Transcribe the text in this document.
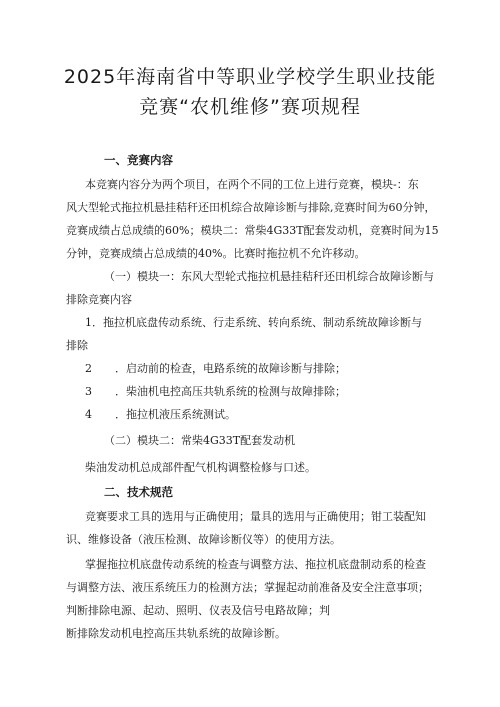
2025年海南省中等职业学校学生职业技能
竞赛“农机维修”赛项规程
一、竞赛内容
本竞赛内容分为两个项目，在两个不同的工位上进行竞赛，模块-：东
风大型轮式拖拉机悬挂秸秆还田机综合故障诊断与排除,竞赛时间为60分钟，
竞赛成绩占总成绩的60%；模块二：常柴4G33T配套发动机，竞赛时间为15
分钟，竞赛成绩占总成绩的40%。比赛时拖拉机不允许移动。
（一）模块一：东风大型轮式拖拉机悬挂秸秆还田机综合故障诊断与
排除竞赛内容
1．拖拉机底盘传动系统、行走系统、转向系统、制动系统故障诊断与
排除
2 ．启动前的检查，电路系统的故障诊断与排除；
3 ．柴油机电控高压共轨系统的检测与故障排除；
4 ．拖拉机液压系统测试。
（二）模块二：常柴4G33T配套发动机
柴油发动机总成部件配气机构调整检修与口述。
二、技术规范
竞赛要求工具的选用与正确使用；量具的选用与正确使用；钳工装配知
识、维修设备（液压检测、故障诊断仪等）的使用方法。
掌握拖拉机底盘传动系统的检查与调整方法、拖拉机底盘制动系的检查
与调整方法、液压系统压力的检测方法；掌握起动前准备及安全注意事项；
判断排除电源、起动、照明、仪表及信号电路故障；判
断排除发动机电控高压共轨系统的故障诊断。
